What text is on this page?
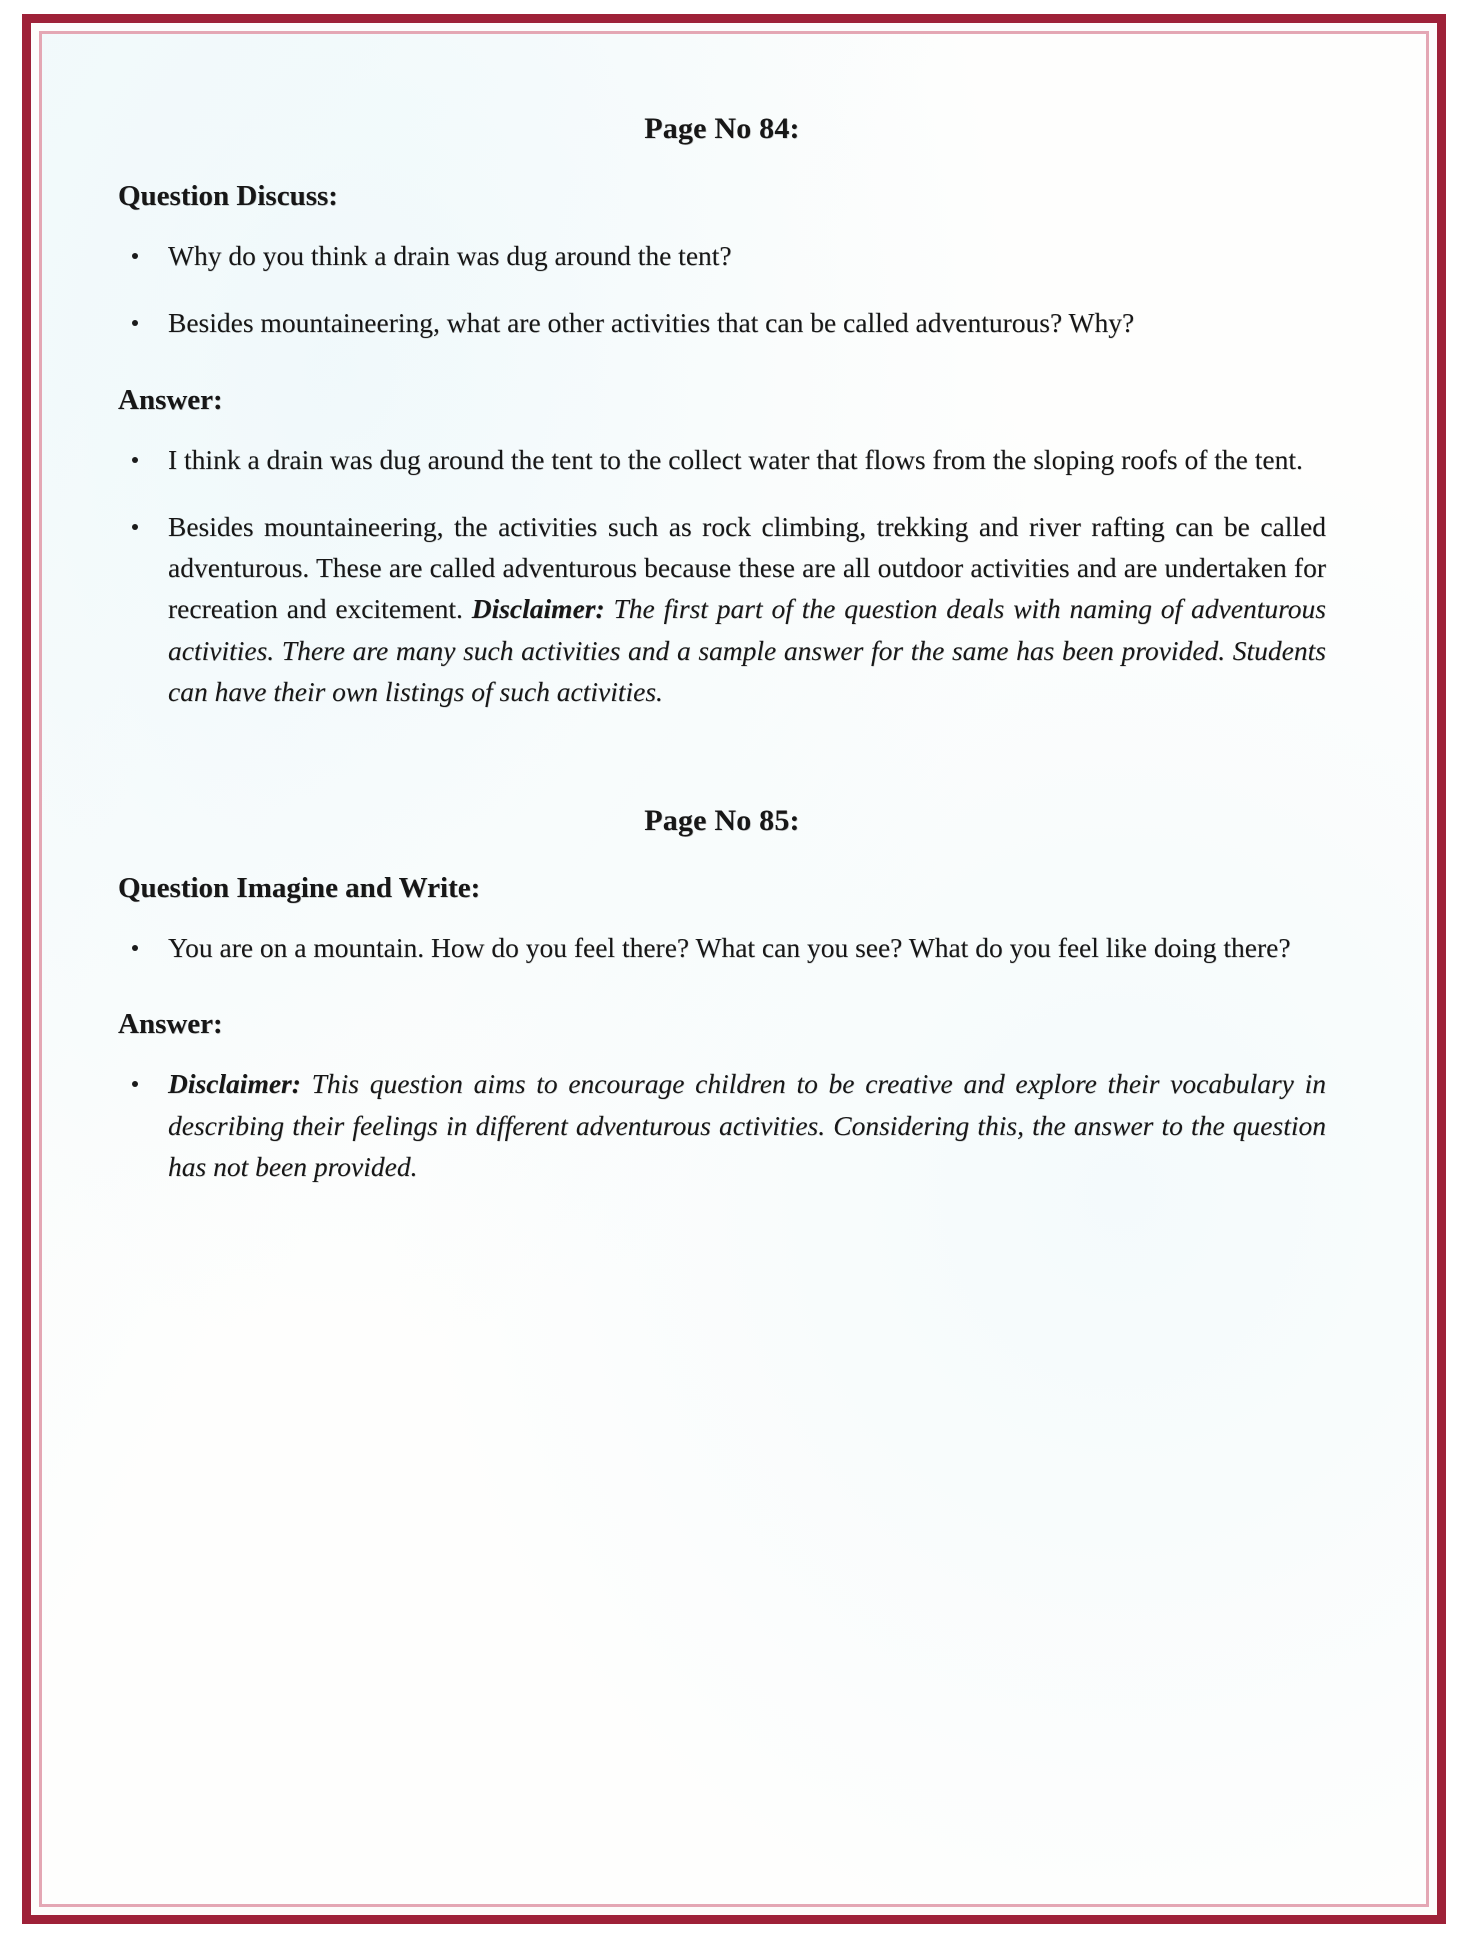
Page No 84:
Question Discuss:
Why do you think a drain was dug around the tent?
Besides mountaineering, what are other activities that can be called adventurous? Why?
Answer:
I think a drain was dug around the tent to the collect water that flows from the sloping roofs of the tent.
Besides mountaineering, the activities such as rock climbing, trekking and river rafting can be called adventurous. These are called adventurous because these are all outdoor activities and are undertaken for recreation and excitement. Disclaimer: The first part of the question deals with naming of adventurous activities. There are many such activities and a sample answer for the same has been provided. Students can have their own listings of such activities.
Page No 85:
Question Imagine and Write:
You are on a mountain. How do you feel there? What can you see? What do you feel like doing there?
Answer:
Disclaimer: This question aims to encourage children to be creative and explore their vocabulary in describing their feelings in different adventurous activities. Considering this, the answer to the question has not been provided.
